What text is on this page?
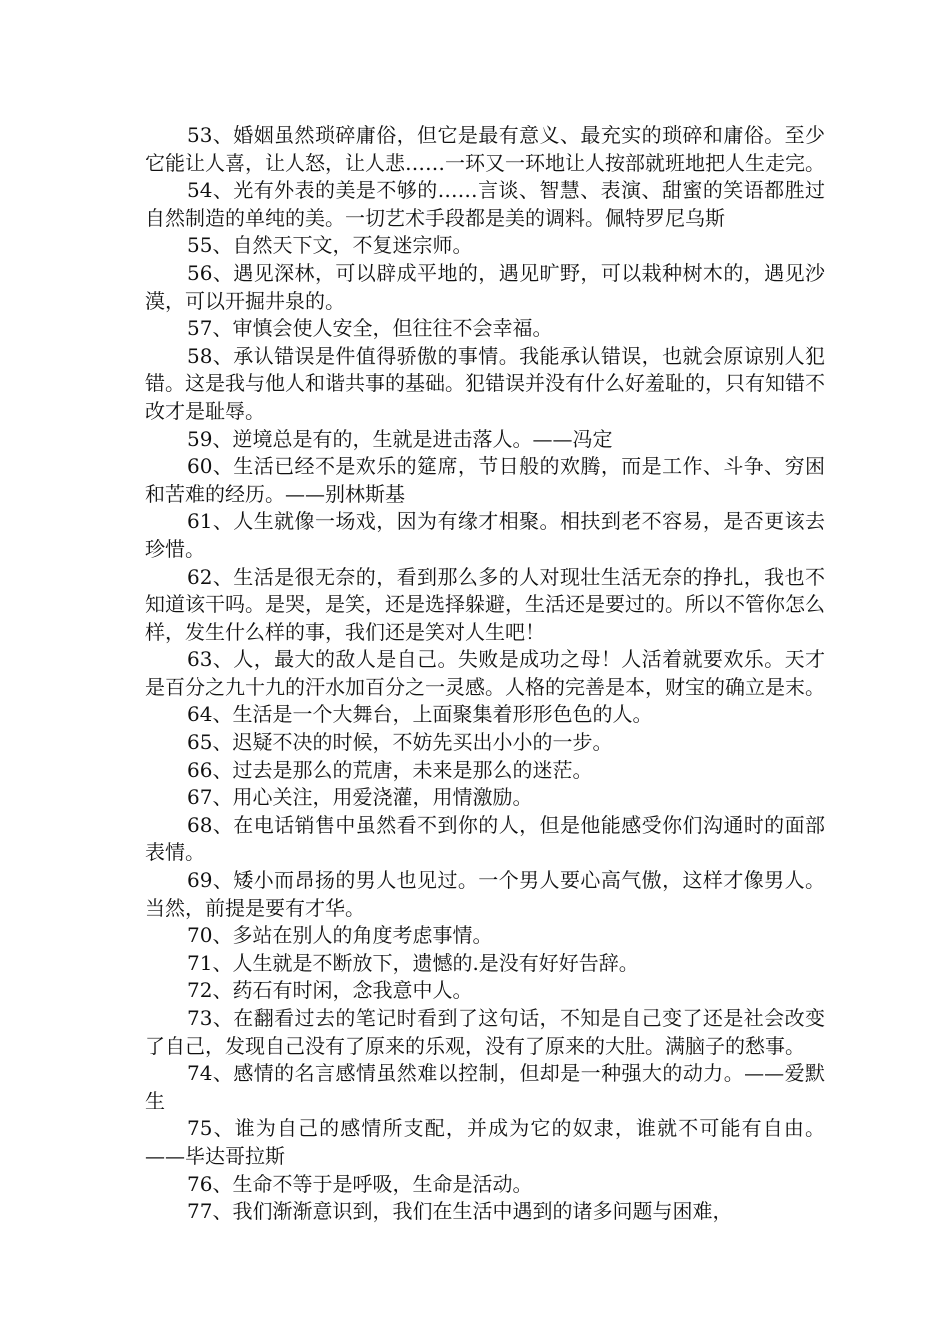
53、婚姻虽然琐碎庸俗，但它是最有意义、最充实的琐碎和庸俗。至少它能让人喜，让人怒，让人悲……一环又一环地让人按部就班地把人生走完。

54、光有外表的美是不够的……言谈、智慧、表演、甜蜜的笑语都胜过自然制造的单纯的美。一切艺术手段都是美的调料。佩特罗尼乌斯

55、自然天下文，不复迷宗师。

56、遇见深林，可以辟成平地的，遇见旷野，可以栽种树木的，遇见沙漠，可以开掘井泉的。

57、审慎会使人安全，但往往不会幸福。

58、承认错误是件值得骄傲的事情。我能承认错误，也就会原谅别人犯错。这是我与他人和谐共事的基础。犯错误并没有什么好羞耻的，只有知错不改才是耻辱。

59、逆境总是有的，生就是进击落人。——冯定

60、生活已经不是欢乐的筵席，节日般的欢腾，而是工作、斗争、穷困和苦难的经历。——别林斯基

61、人生就像一场戏，因为有缘才相聚。相扶到老不容易，是否更该去珍惜。

62、生活是很无奈的，看到那么多的人对现壮生活无奈的挣扎，我也不知道该干吗。是哭，是笑，还是选择躲避，生活还是要过的。所以不管你怎么样，发生什么样的事，我们还是笑对人生吧！

63、人，最大的敌人是自己。失败是成功之母！人活着就要欢乐。天才是百分之九十九的汗水加百分之一灵感。人格的完善是本，财宝的确立是末。

64、生活是一个大舞台，上面聚集着形形色色的人。

65、迟疑不决的时候，不妨先买出小小的一步。

66、过去是那么的荒唐，未来是那么的迷茫。

67、用心关注，用爱浇灌，用情激励。

68、在电话销售中虽然看不到你的人，但是他能感受你们沟通时的面部表情。

69、矮小而昂扬的男人也见过。一个男人要心高气傲，这样才像男人。当然，前提是要有才华。

70、多站在别人的角度考虑事情。

71、人生就是不断放下，遗憾的.是没有好好告辞。

72、药石有时闲，念我意中人。

73、在翻看过去的笔记时看到了这句话，不知是自己变了还是社会改变了自己，发现自己没有了原来的乐观，没有了原来的大肚。满脑子的愁事。

74、感情的名言感情虽然难以控制，但却是一种强大的动力。——爱默生

75、谁为自己的感情所支配，并成为它的奴隶，谁就不可能有自由。 ——毕达哥拉斯

76、生命不等于是呼吸，生命是活动。

77、我们渐渐意识到，我们在生活中遇到的诸多问题与困难，
